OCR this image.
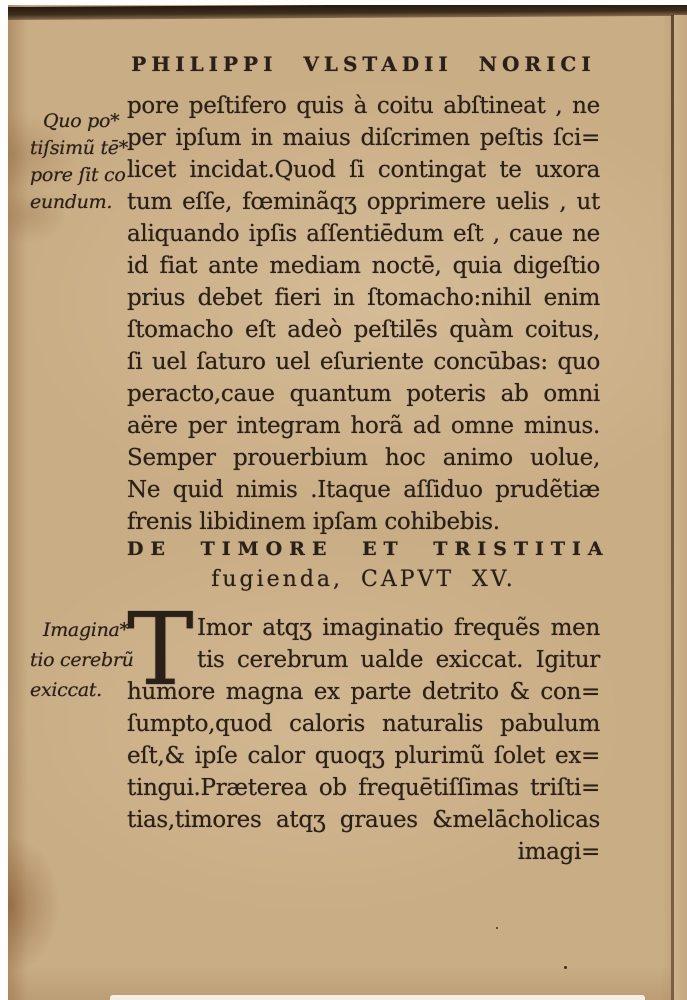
PHILIPPI VLSTADII NORICI
Quo po*
tiſsimũ tē*
pore ſit co
eundum.
pore peſtifero quis à coitu abſtineat , ne
per ipſum in maius diſcrimen peſtis ſci=
licet incidat.Quod ſi contingat te uxora
tum eſſe, fœminãqʒ opprimere uelis , ut
aliquando ipſis aſſentiēdum eſt , caue ne
id fiat ante mediam noctē, quia digeſtio
prius debet fieri in ſtomacho:nihil enim
ſtomacho eſt adeò peſtilēs quàm coitus,
ſi uel ſaturo uel eſuriente concūbas: quo
peracto,caue quantum poteris ab omni
aëre per integram horã ad omne minus.
Semper prouerbium hoc animo uolue,
Ne quid nimis .Itaque aſſiduo prudẽtiæ
frenis libidinem ipſam cohibebis.
DE TIMORE ET TRISTITIA
fugienda, CAPVT XV.
Imagina*
tio cerebrũ
exiccat. T Imor atqʒ imaginatio frequẽs men
tis cerebrum ualde exiccat. Igitur
humore magna ex parte detrito & con=
ſumpto,quod caloris naturalis pabulum
eſt,& ipſe calor quoqʒ plurimũ ſolet ex=
tingui.Præterea ob frequētiſſimas triſti=
tias,timores atqʒ graues &melācholicas
imagi=
